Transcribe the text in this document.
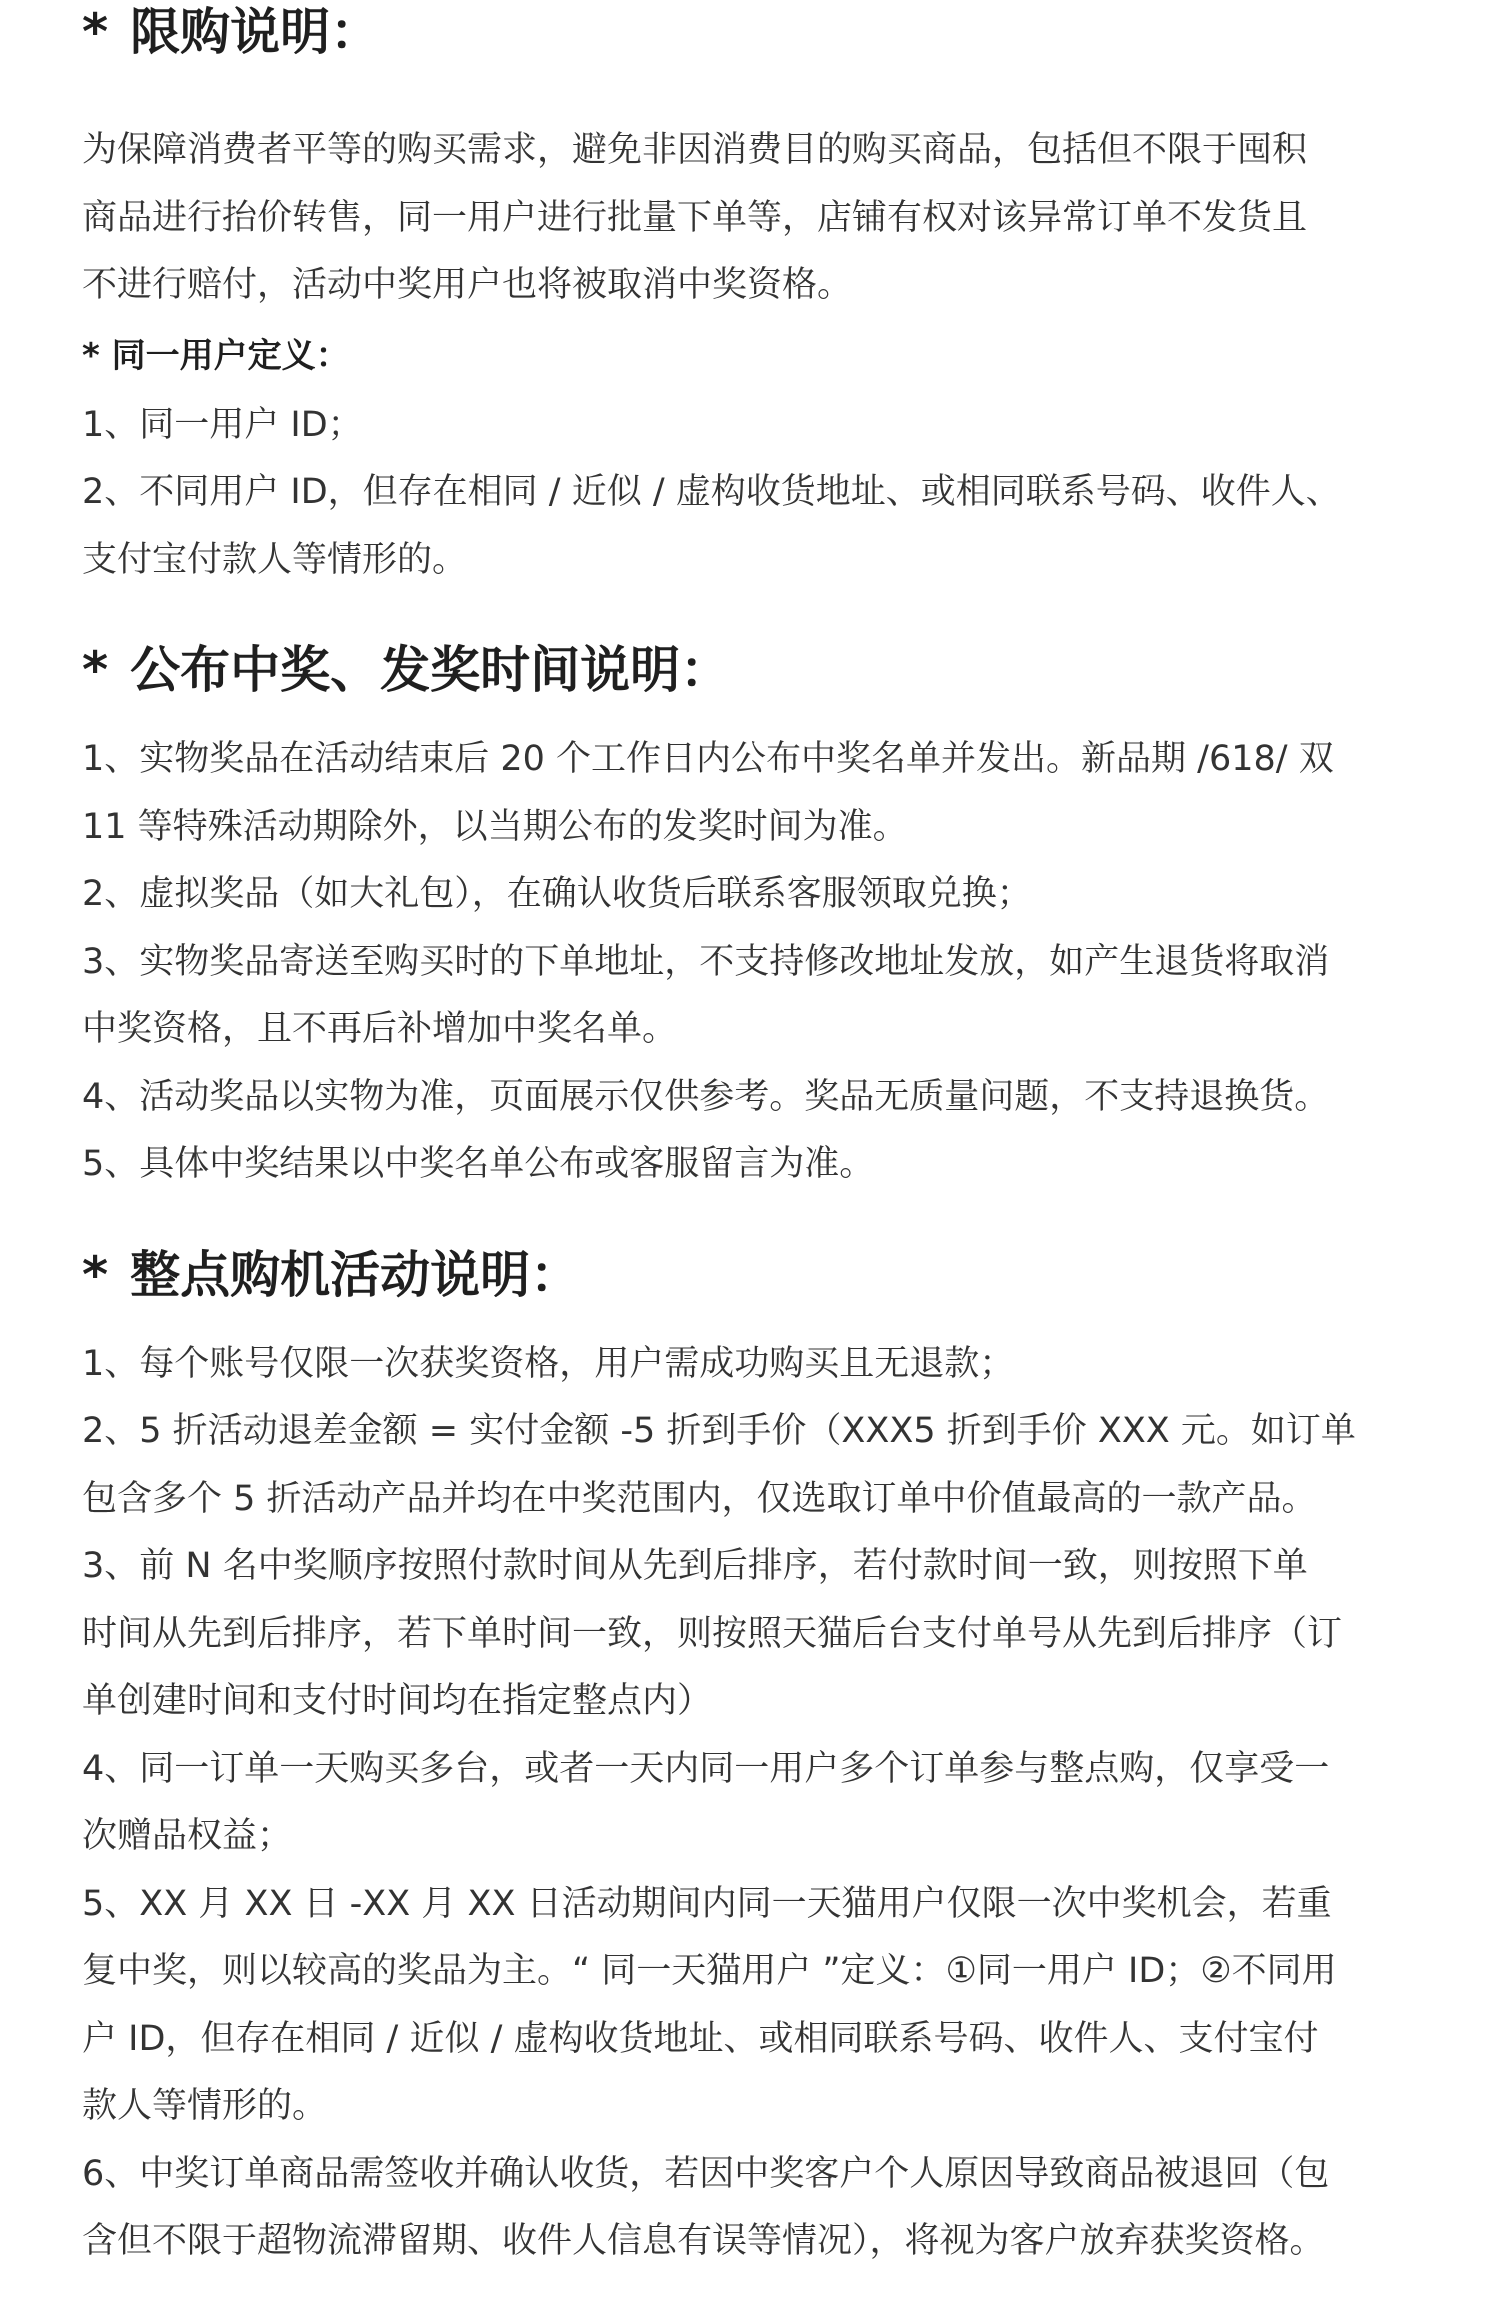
* 限购说明：

为保障消费者平等的购买需求，避免非因消费目的购买商品，包括但不限于囤积

商品进行抬价转售，同一用户进行批量下单等，店铺有权对该异常订单不发货且

不进行赔付，活动中奖用户也将被取消中奖资格。

* 同一用户定义：

1、同一用户 ID；

2、不同用户 ID，但存在相同 / 近似 / 虚构收货地址、或相同联系号码、收件人、

支付宝付款人等情形的。

* 公布中奖、发奖时间说明：

1、实物奖品在活动结束后 20 个工作日内公布中奖名单并发出。新品期 /618/ 双

11 等特殊活动期除外，以当期公布的发奖时间为准。

2、虚拟奖品（如大礼包），在确认收货后联系客服领取兑换；

3、实物奖品寄送至购买时的下单地址，不支持修改地址发放，如产生退货将取消

中奖资格，且不再后补增加中奖名单。

4、活动奖品以实物为准，页面展示仅供参考。奖品无质量问题，不支持退换货。

5、具体中奖结果以中奖名单公布或客服留言为准。

* 整点购机活动说明：

1、每个账号仅限一次获奖资格，用户需成功购买且无退款；

2、5 折活动退差金额 = 实付金额 -5 折到手价（XXX5 折到手价 XXX 元。如订单

包含多个 5 折活动产品并均在中奖范围内，仅选取订单中价值最高的一款产品。

3、前 N 名中奖顺序按照付款时间从先到后排序，若付款时间一致，则按照下单

时间从先到后排序，若下单时间一致，则按照天猫后台支付单号从先到后排序（订

单创建时间和支付时间均在指定整点内）

4、同一订单一天购买多台，或者一天内同一用户多个订单参与整点购，仅享受一

次赠品权益；

5、XX 月 XX 日 -XX 月 XX 日活动期间内同一天猫用户仅限一次中奖机会，若重

复中奖，则以较高的奖品为主。“ 同一天猫用户 ”定义：①同一用户 ID；②不同用

户 ID，但存在相同 / 近似 / 虚构收货地址、或相同联系号码、收件人、支付宝付

款人等情形的。

6、中奖订单商品需签收并确认收货，若因中奖客户个人原因导致商品被退回（包

含但不限于超物流滞留期、收件人信息有误等情况），将视为客户放弃获奖资格。
